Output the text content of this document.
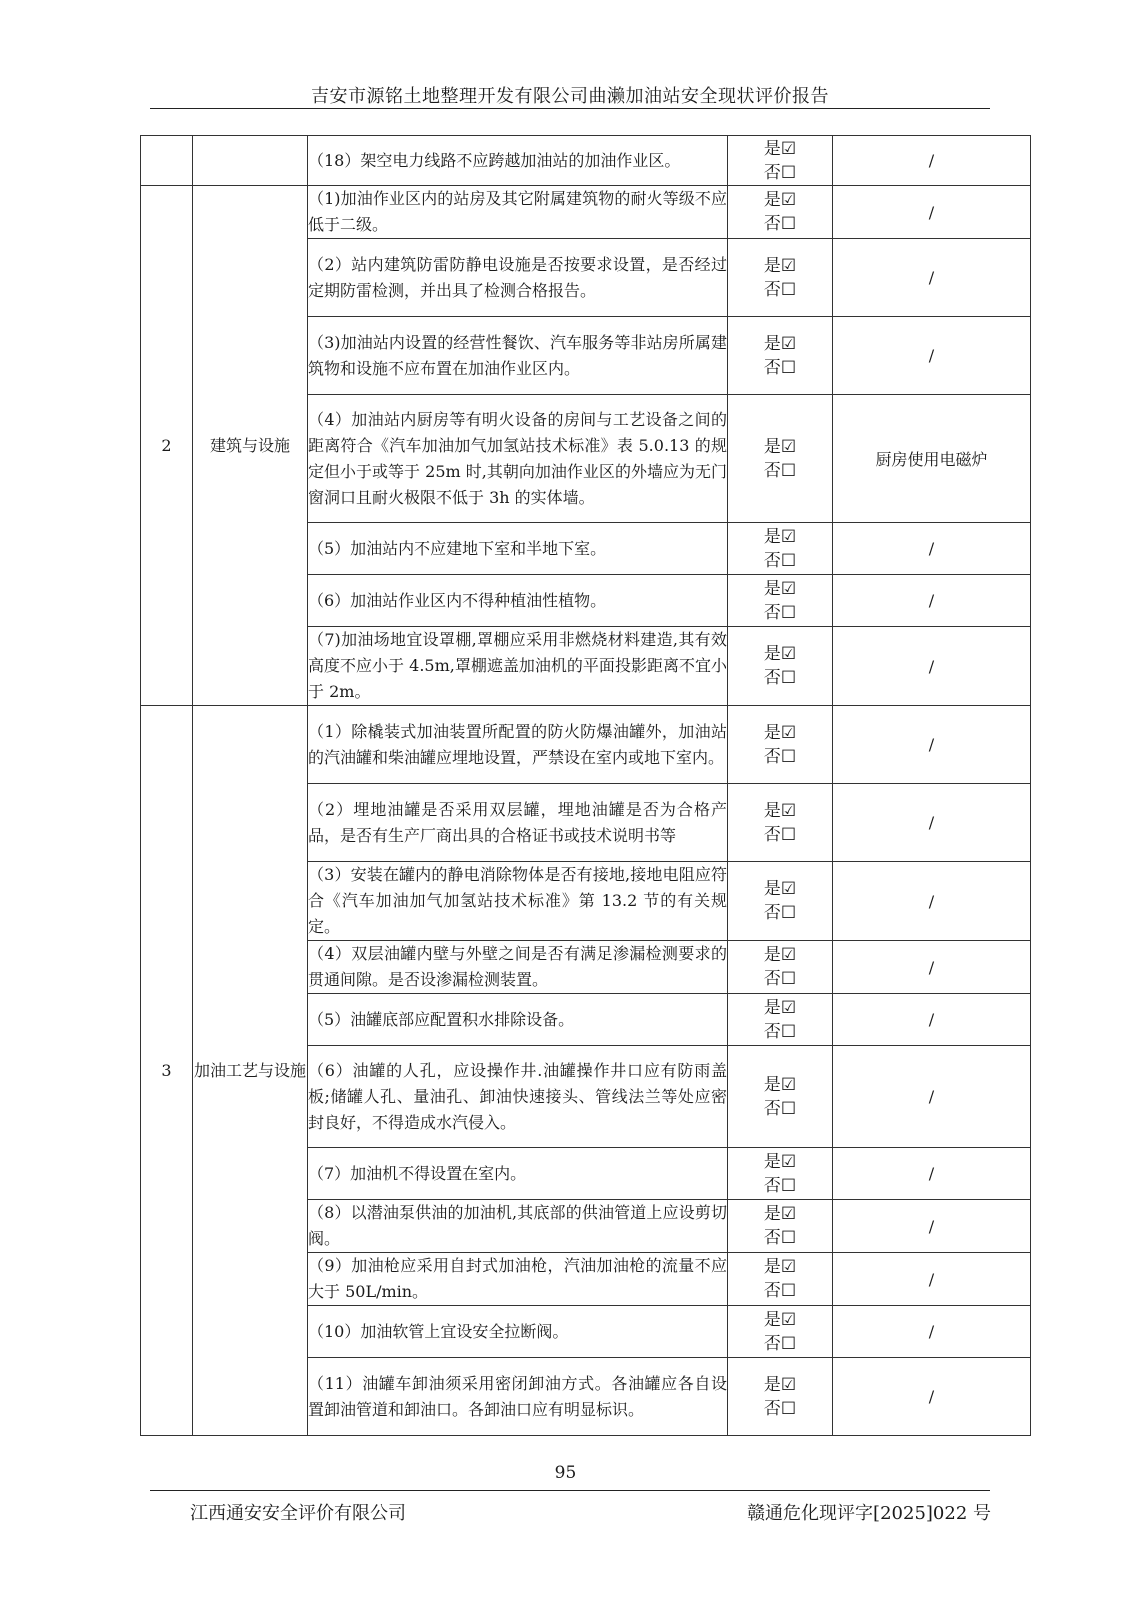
吉安市源铭土地整理开发有限公司曲濑加油站安全现状评价报告
		（18）架空电力线路不应跨越加油站的加油作业区。	是☑
否☐	/
2	建筑与设施	（1)加油作业区内的站房及其它附属建筑物的耐火等级不应低于二级。	是☑
否☐	/
		（2）站内建筑防雷防静电设施是否按要求设置，是否经过定期防雷检测，并出具了检测合格报告。	是☑
否☐	/
		（3)加油站内设置的经营性餐饮、汽车服务等非站房所属建筑物和设施不应布置在加油作业区内。	是☑
否☐	/
		（4）加油站内厨房等有明火设备的房间与工艺设备之间的距离符合《汽车加油加气加氢站技术标准》表 5.0.13 的规定但小于或等于 25m 时,其朝向加油作业区的外墙应为无门窗洞口且耐火极限不低于 3h 的实体墙。	是☑
否☐	厨房使用电磁炉
		（5）加油站内不应建地下室和半地下室。	是☑
否☐	/
		（6）加油站作业区内不得种植油性植物。	是☑
否☐	/
		（7)加油场地宜设罩棚,罩棚应采用非燃烧材料建造,其有效高度不应小于 4.5m,罩棚遮盖加油机的平面投影距离不宜小于 2m。	是☑
否☐	/
3	加油工艺与设施	（1）除橇装式加油装置所配置的防火防爆油罐外，加油站的汽油罐和柴油罐应埋地设置，严禁设在室内或地下室内。	是☑
否☐	/
		（2）埋地油罐是否采用双层罐，埋地油罐是否为合格产品，是否有生产厂商出具的合格证书或技术说明书等	是☑
否☐	/
		（3）安装在罐内的静电消除物体是否有接地,接地电阻应符合《汽车加油加气加氢站技术标准》第 13.2 节的有关规定。	是☑
否☐	/
		（4）双层油罐内壁与外壁之间是否有满足渗漏检测要求的贯通间隙。是否设渗漏检测装置。	是☑
否☐	/
		（5）油罐底部应配置积水排除设备。	是☑
否☐	/
		（6）油罐的人孔，应设操作井.油罐操作井口应有防雨盖板;储罐人孔、量油孔、卸油快速接头、管线法兰等处应密封良好，不得造成水汽侵入。	是☑
否☐	/
		（7）加油机不得设置在室内。	是☑
否☐	/
		（8）以潜油泵供油的加油机,其底部的供油管道上应设剪切阀。	是☑
否☐	/
		（9）加油枪应采用自封式加油枪，汽油加油枪的流量不应大于 50L/min。	是☑
否☐	/
		（10）加油软管上宜设安全拉断阀。	是☑
否☐	/
		（11）油罐车卸油须采用密闭卸油方式。各油罐应各自设置卸油管道和卸油口。各卸油口应有明显标识。	是☑
否☐	/
95
江西通安安全评价有限公司	赣通危化现评字[2025]022 号
